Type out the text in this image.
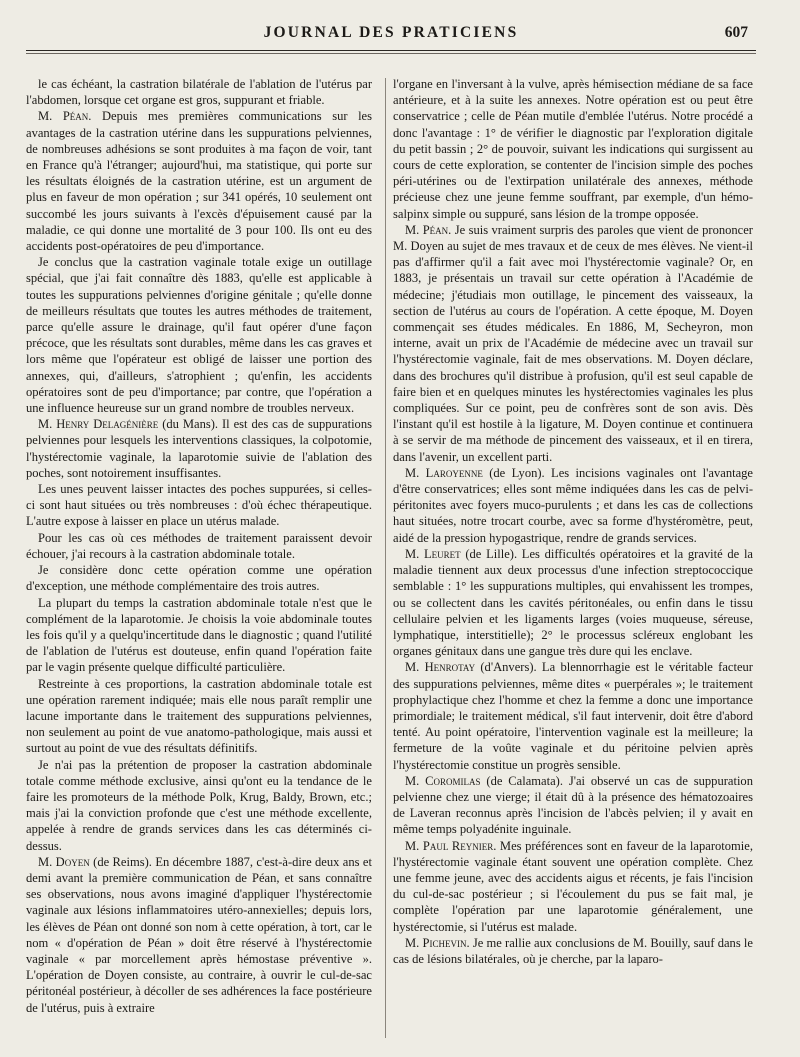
JOURNAL DES PRATICIENS	607

le cas échéant, la castration bilatérale de l'ablation de l'utérus par l'abdomen, lorsque cet organe est gros, suppurant et friable.

M. Péan. Depuis mes premières communications sur les avantages de la castration utérine dans les suppurations pelviennes, de nombreuses adhésions se sont produites à ma façon de voir, tant en France qu'à l'étranger; aujourd'hui, ma statistique, qui porte sur les résultats éloignés de la castration utérine, est un argument de plus en faveur de mon opération ; sur 341 opérés, 10 seulement ont succombé les jours suivants à l'excès d'épuisement causé par la maladie, ce qui donne une mortalité de 3 pour 100. Ils ont eu des accidents post-opératoires de peu d'importance.

Je conclus que la castration vaginale totale exige un outillage spécial, que j'ai fait connaître dès 1883, qu'elle est applicable à toutes les suppurations pelviennes d'origine génitale ; qu'elle donne de meilleurs résultats que toutes les autres méthodes de traitement, parce qu'elle assure le drainage, qu'il faut opérer d'une façon précoce, que les résultats sont durables, même dans les cas graves et lors même que l'opérateur est obligé de laisser une portion des annexes, qui, d'ailleurs, s'atrophient ; qu'enfin, les accidents opératoires sont de peu d'importance; par contre, que l'opération a une influence heureuse sur un grand nombre de troubles nerveux.

M. Henry Delagénière (du Mans). Il est des cas de suppurations pelviennes pour lesquels les interventions classiques, la colpotomie, l'hystérectomie vaginale, la laparotomie suivie de l'ablation des poches, sont notoirement insuffisantes.

Les unes peuvent laisser intactes des poches suppurées, si celles-ci sont haut situées ou très nombreuses : d'où échec thérapeutique. L'autre expose à laisser en place un utérus malade.

Pour les cas où ces méthodes de traitement paraissent devoir échouer, j'ai recours à la castration abdominale totale.

Je considère donc cette opération comme une opération d'exception, une méthode complémentaire des trois autres.

La plupart du temps la castration abdominale totale n'est que le complément de la laparotomie. Je choisis la voie abdominale toutes les fois qu'il y a quelqu'incertitude dans le diagnostic ; quand l'utilité de l'ablation de l'utérus est douteuse, enfin quand l'opération faite par le vagin présente quelque difficulté particulière.

Restreinte à ces proportions, la castration abdominale totale est une opération rarement indiquée; mais elle nous paraît remplir une lacune importante dans le traitement des suppurations pelviennes, non seulement au point de vue anatomo-pathologique, mais aussi et surtout au point de vue des résultats définitifs.

Je n'ai pas la prétention de proposer la castration abdominale totale comme méthode exclusive, ainsi qu'ont eu la tendance de le faire les promoteurs de la méthode Polk, Krug, Baldy, Brown, etc.; mais j'ai la conviction profonde que c'est une méthode excellente, appelée à rendre de grands services dans les cas déterminés ci-dessus.

M. Doyen (de Reims). En décembre 1887, c'est-à-dire deux ans et demi avant la première communication de Péan, et sans connaître ses observations, nous avons imaginé d'appliquer l'hystérectomie vaginale aux lésions inflammatoires utéro-annexielles; depuis lors, les élèves de Péan ont donné son nom à cette opération, à tort, car le nom « d'opération de Péan » doit être réservé à l'hystérectomie vaginale « par morcellement après hémostase préventive ». L'opération de Doyen consiste, au contraire, à ouvrir le cul-de-sac péritonéal postérieur, à décoller de ses adhérences la face postérieure de l'utérus, puis à extraire

l'organe en l'inversant à la vulve, après hémisection médiane de sa face antérieure, et à la suite les annexes. Notre opération est ou peut être conservatrice ; celle de Péan mutile d'emblée l'utérus. Notre procédé a donc l'avantage : 1° de vérifier le diagnostic par l'exploration digitale du petit bassin ; 2° de pouvoir, suivant les indications qui surgissent au cours de cette exploration, se contenter de l'incision simple des poches péri-utérines ou de l'extirpation unilatérale des annexes, méthode précieuse chez une jeune femme souffrant, par exemple, d'un hémo-salpinx simple ou suppuré, sans lésion de la trompe opposée.

M. Péan. Je suis vraiment surpris des paroles que vient de prononcer M. Doyen au sujet de mes travaux et de ceux de mes élèves. Ne vient-il pas d'affirmer qu'il a fait avec moi l'hystérectomie vaginale? Or, en 1883, je présentais un travail sur cette opération à l'Académie de médecine; j'étudiais mon outillage, le pincement des vaisseaux, la section de l'utérus au cours de l'opération. A cette époque, M. Doyen commençait ses études médicales. En 1886, M, Secheyron, mon interne, avait un prix de l'Académie de médecine avec un travail sur l'hystérectomie vaginale, fait de mes observations. M. Doyen déclare, dans des brochures qu'il distribue à profusion, qu'il est seul capable de faire bien et en quelques minutes les hystérectomies vaginales les plus compliquées. Sur ce point, peu de confrères sont de son avis. Dès l'instant qu'il est hostile à la ligature, M. Doyen continue et continuera à se servir de ma méthode de pincement des vaisseaux, et il en tirera, dans l'avenir, un excellent parti.

M. Laroyenne (de Lyon). Les incisions vaginales ont l'avantage d'être conservatrices; elles sont même indiquées dans les cas de pelvi-péritonites avec foyers muco-purulents ; et dans les cas de collections haut situées, notre trocart courbe, avec sa forme d'hystéromètre, peut, aidé de la pression hypogastrique, rendre de grands services.

M. Leuret (de Lille). Les difficultés opératoires et la gravité de la maladie tiennent aux deux processus d'une infection streptococcique semblable : 1° les suppurations multiples, qui envahissent les trompes, ou se collectent dans les cavités péritonéales, ou enfin dans le tissu cellulaire pelvien et les ligaments larges (voies muqueuse, séreuse, lymphatique, interstitielle); 2° le processus scléreux englobant les organes génitaux dans une gangue très dure qui les enclave.

M. Henrotay (d'Anvers). La blennorrhagie est le véritable facteur des suppurations pelviennes, même dites « puerpérales »; le traitement prophylactique chez l'homme et chez la femme a donc une importance primordiale; le traitement médical, s'il faut intervenir, doit être d'abord tenté. Au point opératoire, l'intervention vaginale est la meilleure; la fermeture de la voûte vaginale et du péritoine pelvien après l'hystérectomie constitue un progrès sensible.

M. Coromilas (de Calamata). J'ai observé un cas de suppuration pelvienne chez une vierge; il était dû à la présence des hématozoaires de Laveran reconnus après l'incision de l'abcès pelvien; il y avait en même temps polyadénite inguinale.

M. Paul Reynier. Mes préférences sont en faveur de la laparotomie, l'hystérectomie vaginale étant souvent une opération complète. Chez une femme jeune, avec des accidents aigus et récents, je fais l'incision du cul-de-sac postérieur ; si l'écoulement du pus se fait mal, je complète l'opération par une laparotomie généralement, une hystérectomie, si l'utérus est malade.

M. Pichevin. Je me rallie aux conclusions de M. Bouilly, sauf dans le cas de lésions bilatérales, où je cherche, par la laparo-
